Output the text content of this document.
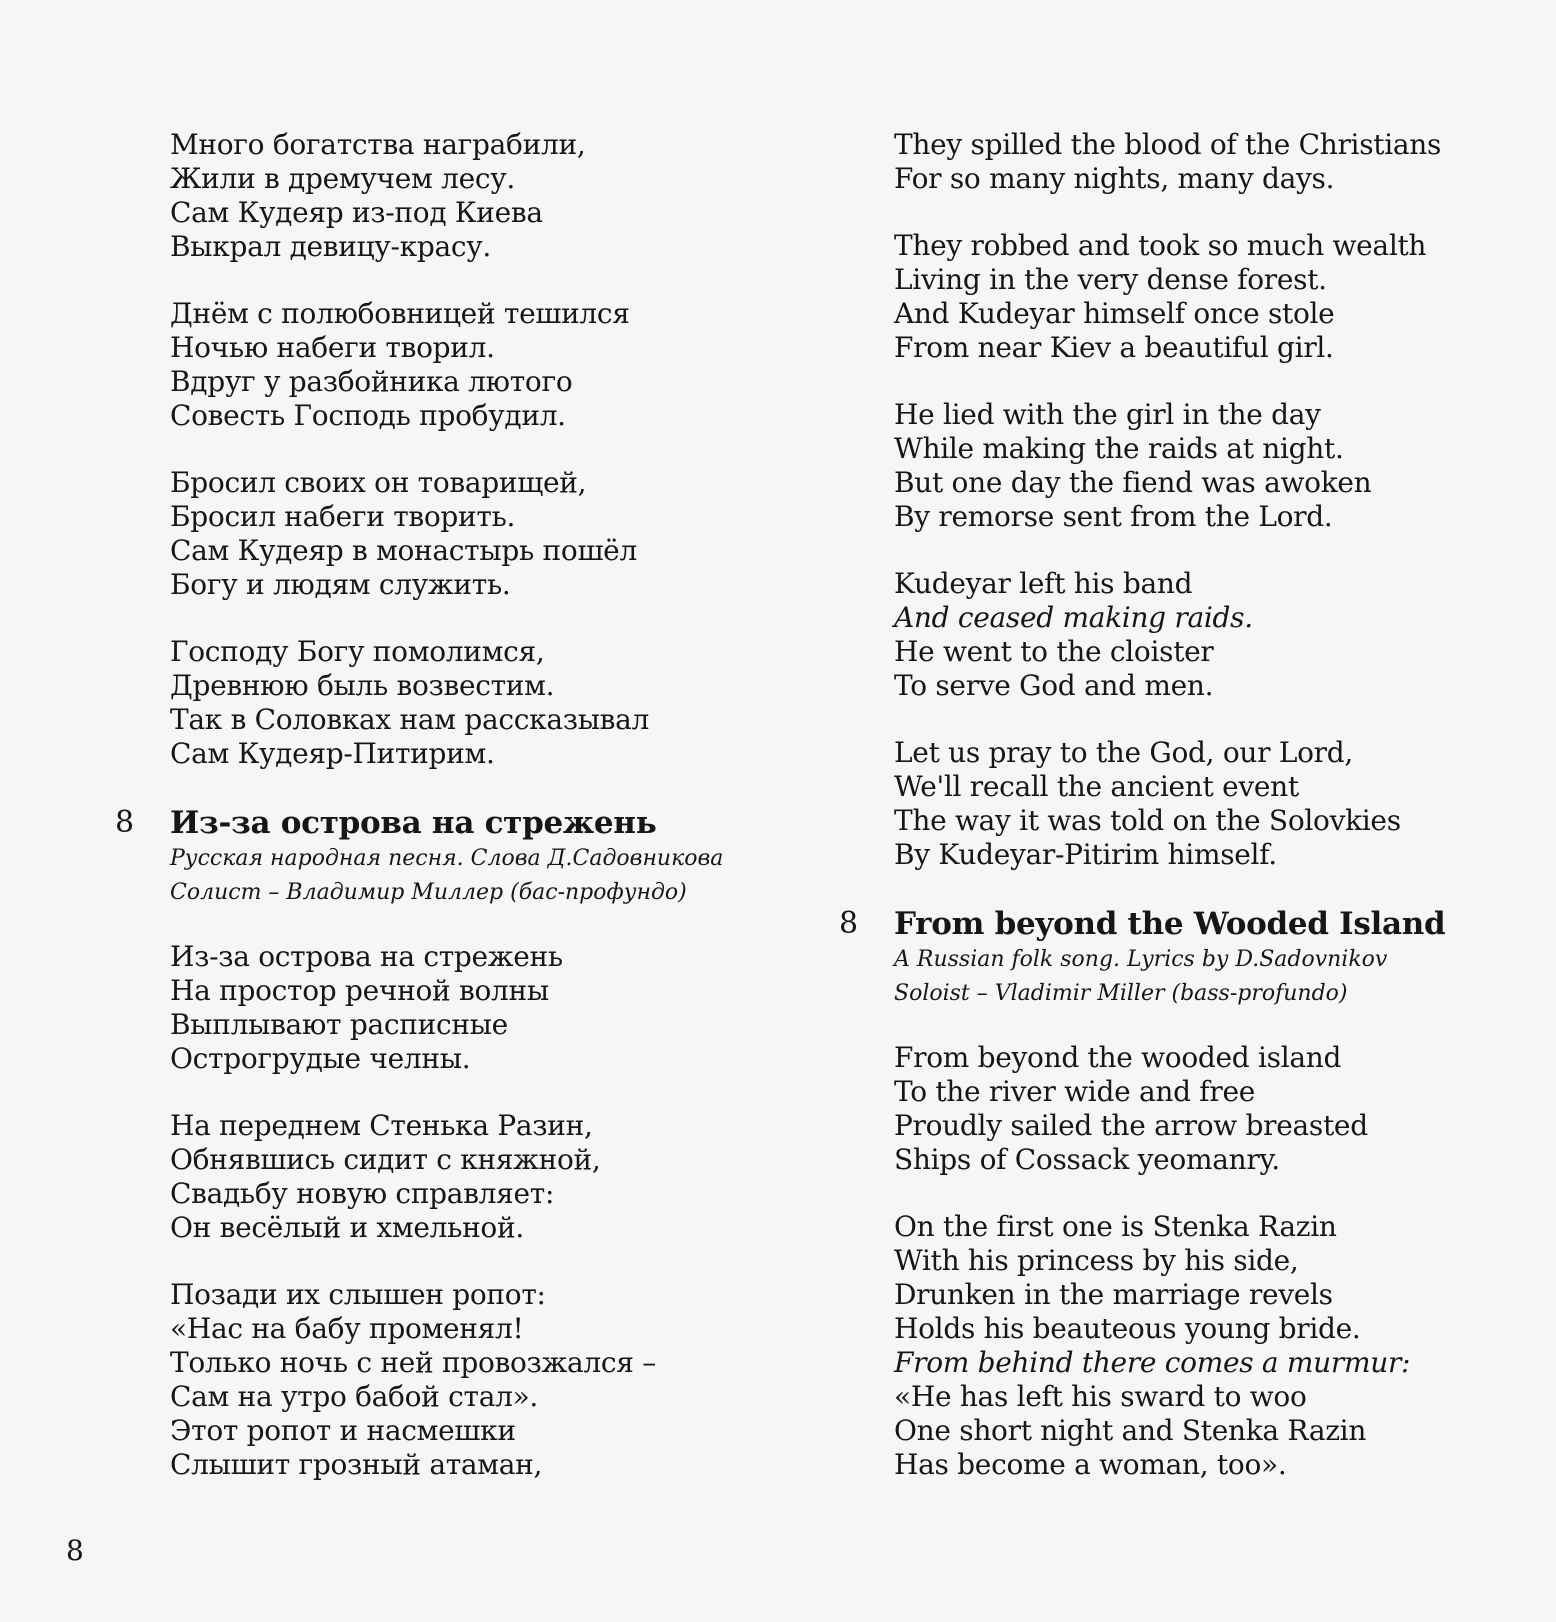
Много богатства награбили,
Жили в дремучем лесу.
Сам Кудеяр из-под Киева
Выкрал девицу-красу.
Днём с полюбовницей тешился
Ночью набеги творил.
Вдруг у разбойника лютого
Совесть Господь пробудил.
Бросил своих он товарищей,
Бросил набеги творить.
Сам Кудеяр в монастырь пошёл
Богу и людям служить.
Господу Богу помолимся,
Древнюю быль возвестим.
Так в Соловках нам рассказывал
Сам Кудеяр-Питирим.
8 Из-за острова на стрежень
Русская народная песня. Слова Д.Садовникова
Солист – Владимир Миллер (бас-профундо)
Из-за острова на стрежень
На простор речной волны
Выплывают расписные
Острогрудые челны.
На переднем Стенька Разин,
Обнявшись сидит с княжной,
Свадьбу новую справляет:
Он весёлый и хмельной.
Позади их слышен ропот:
«Нас на бабу променял!
Только ночь с ней провозжался –
Сам на утро бабой стал».
Этот ропот и насмешки
Слышит грозный атаман,
They spilled the blood of the Christians
For so many nights, many days.
They robbed and took so much wealth
Living in the very dense forest.
And Kudeyar himself once stole
From near Kiev a beautiful girl.
He lied with the girl in the day
While making the raids at night.
But one day the fiend was awoken
By remorse sent from the Lord.
Kudeyar left his band
And ceased making raids.
He went to the cloister
To serve God and men.
Let us pray to the God, our Lord,
We'll recall the ancient event
The way it was told on the Solovkies
By Kudeyar-Pitirim himself.
8 From beyond the Wooded Island
A Russian folk song. Lyrics by D.Sadovnikov
Soloist – Vladimir Miller (bass-profundo)
From beyond the wooded island
To the river wide and free
Proudly sailed the arrow breasted
Ships of Cossack yeomanry.
On the first one is Stenka Razin
With his princess by his side,
Drunken in the marriage revels
Holds his beauteous young bride.
From behind there comes a murmur:
«He has left his sward to woo
One short night and Stenka Razin
Has become a woman, too».
8
